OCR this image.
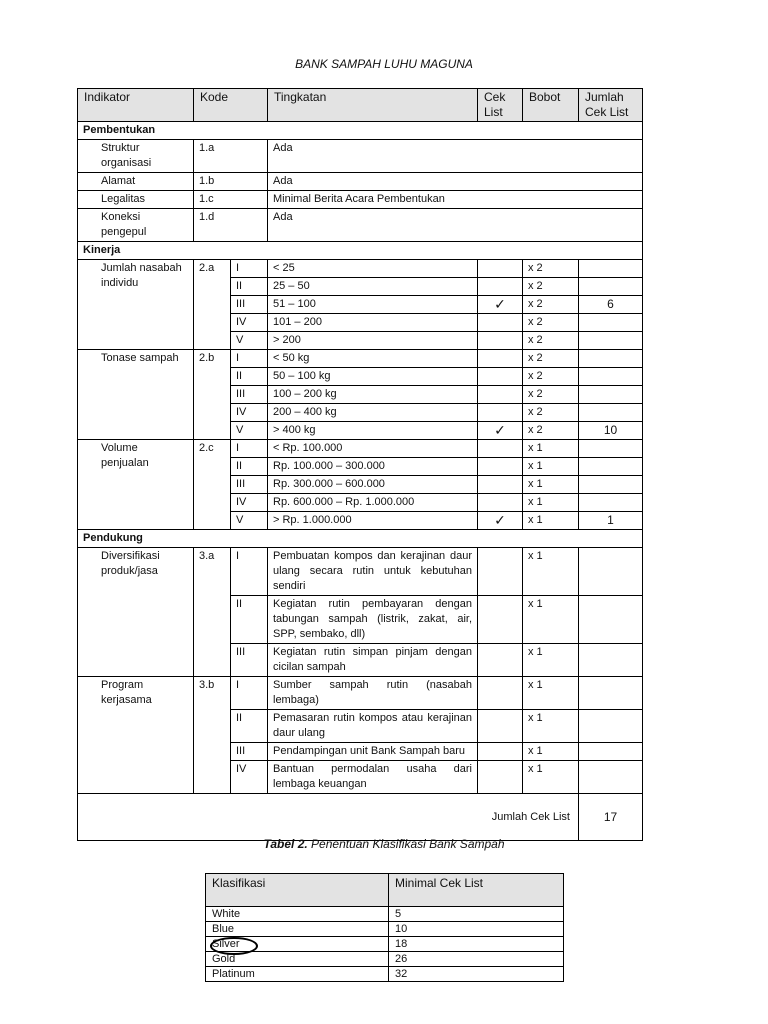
BANK SAMPAH LUHU MAGUNA
Indikator	Kode		Tingkatan	Cek List	Bobot	Jumlah Cek List
Pembentukan						
Struktur organisasi	1.a		Ada			
Alamat	1.b		Ada			
Legalitas	1.c		Minimal Berita Acara Pembentukan			
Koneksi pengepul	1.d		Ada			
Kinerja						
Jumlah nasabah individu	2.a	I	< 25		x 2	
		II	25 – 50		x 2	
		III	51 – 100	✓	x 2	6
		IV	101 – 200		x 2	
		V	> 200		x 2	
Tonase sampah	2.b	I	< 50 kg		x 2	
		II	50 – 100 kg		x 2	
		III	100 – 200 kg		x 2	
		IV	200 – 400 kg		x 2	
		V	> 400 kg	✓	x 2	10
Volume penjualan	2.c	I	< Rp. 100.000		x 1	
		II	Rp. 100.000 – 300.000		x 1	
		III	Rp. 300.000 – 600.000		x 1	
		IV	Rp. 600.000 – Rp. 1.000.000		x 1	
		V	> Rp. 1.000.000	✓	x 1	1
Pendukung						
Diversifikasi produk/jasa	3.a	I	Pembuatan kompos dan kerajinan daur ulang secara rutin untuk kebutuhan sendiri		x 1	
		II	Kegiatan rutin pembayaran dengan tabungan sampah (listrik, zakat, air, SPP, sembako, dll)		x 1	
		III	Kegiatan rutin simpan pinjam dengan cicilan sampah		x 1	
Program kerjasama	3.b	I	Sumber sampah rutin (nasabah lembaga)		x 1	
		II	Pemasaran rutin kompos atau kerajinan daur ulang		x 1	
		III	Pendampingan unit Bank Sampah baru		x 1	
		IV	Bantuan permodalan usaha dari lembaga keuangan		x 1	
Jumlah Cek List						17
Tabel 2. Penentuan Klasifikasi Bank Sampah
Klasifikasi	Minimal Cek List
White	5
Blue	10
Silver	18
Gold	26
Platinum	32
